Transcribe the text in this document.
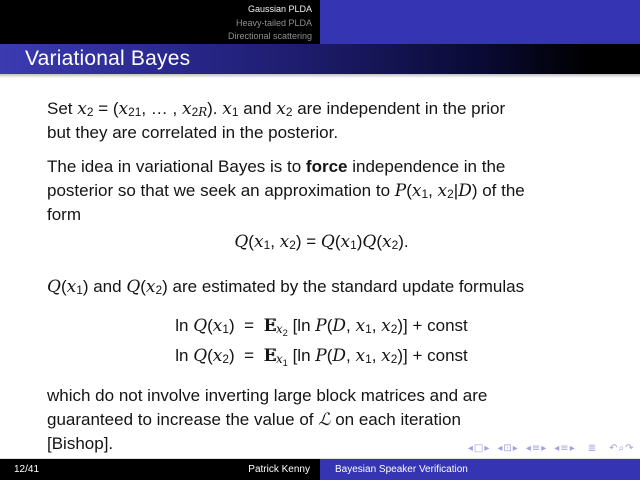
Gaussian PLDA
Heavy-tailed PLDA
Directional scattering
Variational Bayes

Set x2 = (x21, … , x2R). x1 and x2 are independent in the prior
but they are correlated in the posterior.

The idea in variational Bayes is to force independence in the
posterior so that we seek an approximation to P(x1, x2|D) of the
form

Q(x1, x2) = Q(x1)Q(x2).

Q(x1) and Q(x2) are estimated by the standard update formulas

ln Q(x1)  =  E $Ex_2$ [ln P(D, x1, x2)] + const
ln Q(x2)  =  E $Ex_1$ [ln P(D, x1, x2)] + const

which do not involve inverting large block matrices and are
guaranteed to increase the value of ℒ on each iteration
[Bishop].	◂□▸ ◂⊡▸ ◂≡▸ ◂≡▸ ≣ ↶⌕↷
12/41	Patrick Kenny	Bayesian Speaker Verification
